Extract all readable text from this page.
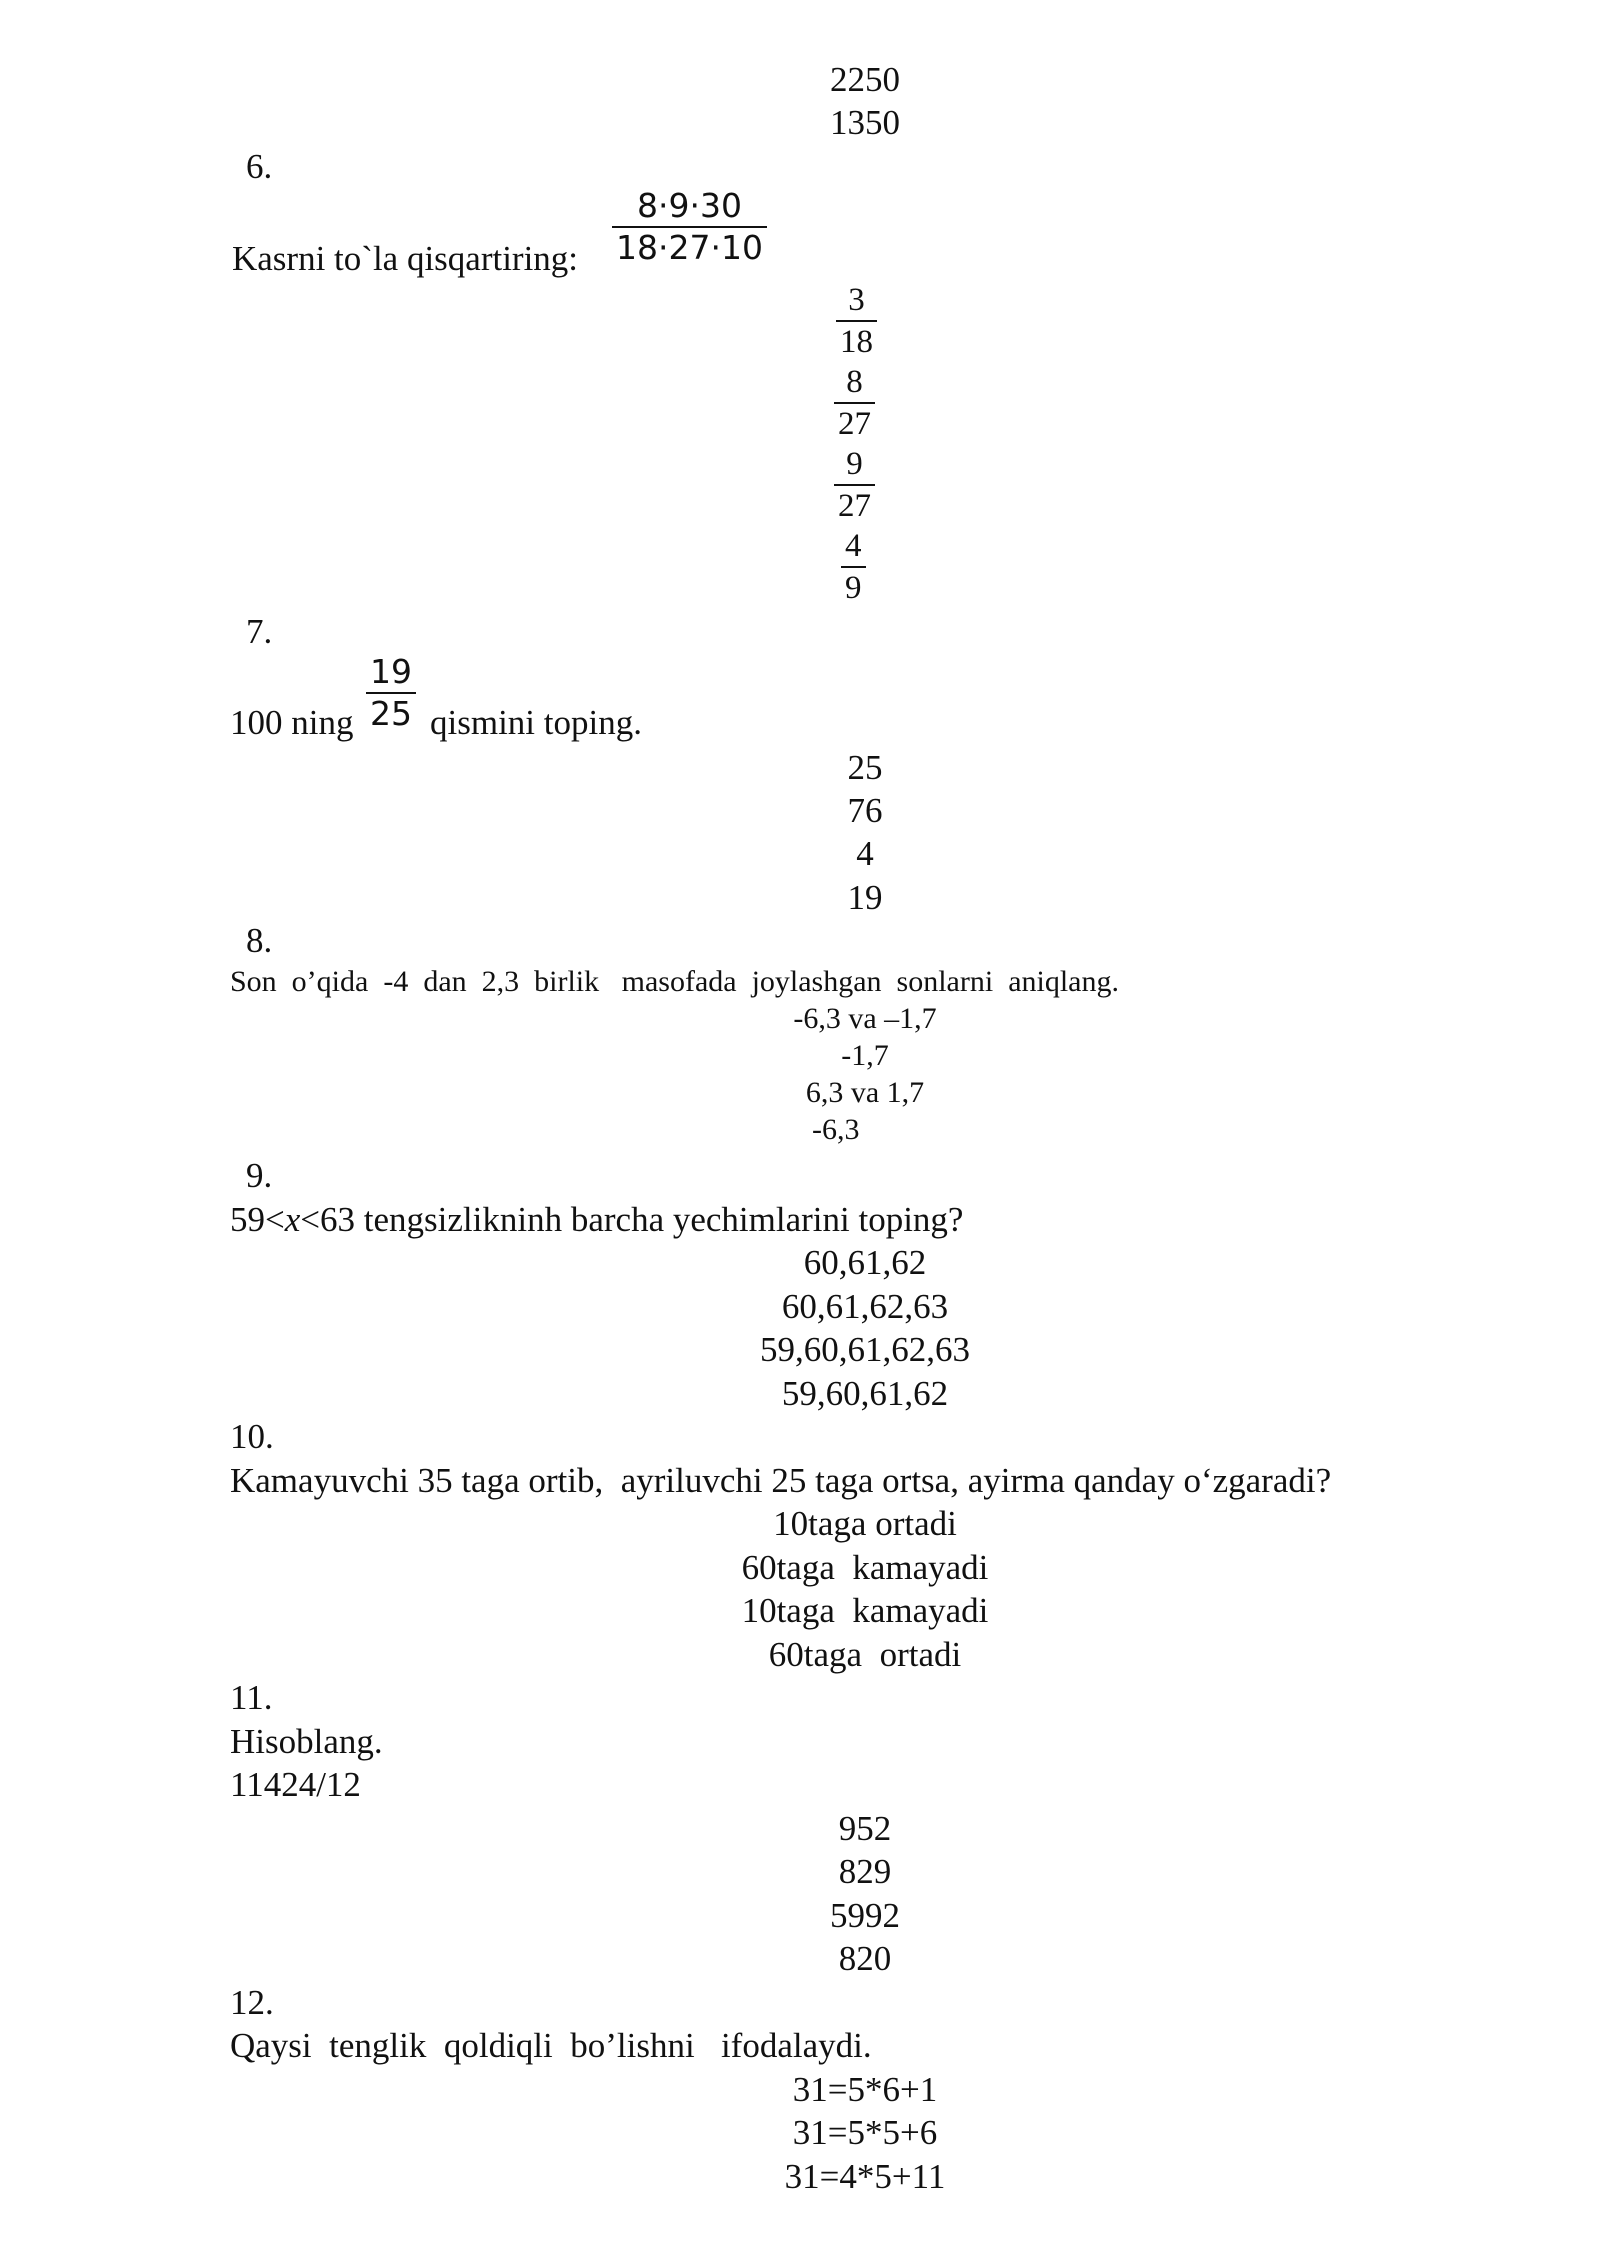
2250
1350
6.
Kasrni to`la qisqartiring:
8·9·30
18·27·10
3
18
8
27
9
27
4
9
7.
100 ning
19
25 qismini toping.
25
76
4
19
8.
Son  o’qida  -4  dan  2,3  birlik   masofada  joylashgan  sonlarni  aniqlang.
-6,3 va –1,7
-1,7
6,3 va 1,7
-6,3
9.
59<x<63 tengsizlikninh barcha yechimlarini toping?
60,61,62
60,61,62,63
59,60,61,62,63
59,60,61,62
10.
Kamayuvchi 35 taga ortib,  ayriluvchi 25 taga ortsa, ayirma qanday o‘zgaradi?
10taga ortadi
60taga  kamayadi
10taga  kamayadi
60taga  ortadi
11.
Hisoblang.
11424/12
952
829
5992
820
12.
Qaysi  tenglik  qoldiqli  bo’lishni   ifodalaydi.
31=5*6+1
31=5*5+6
31=4*5+11
